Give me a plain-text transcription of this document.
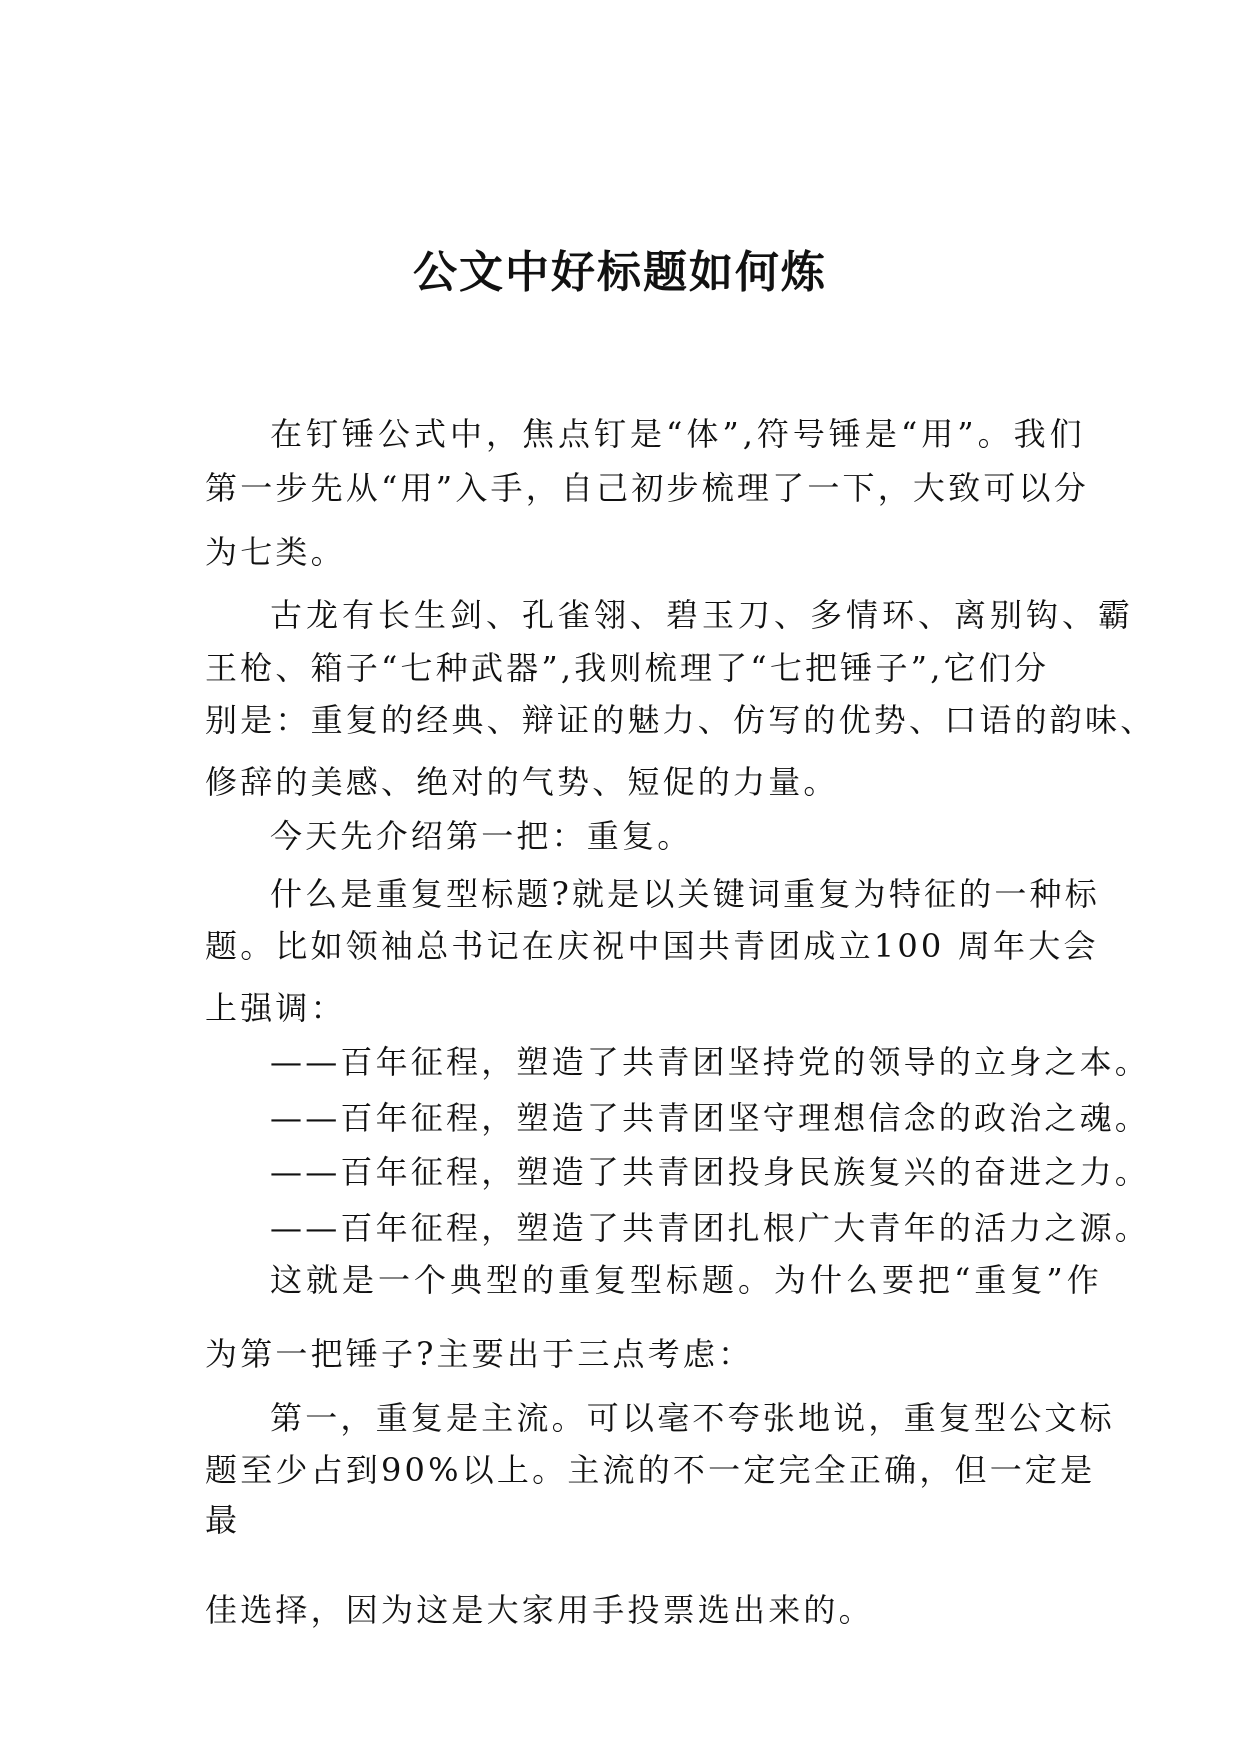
公文中好标题如何炼

在钉锤公式中，焦点钉是“体”,符号锤是“用”。我们

第一步先从“用”入手，自己初步梳理了一下，大致可以分

为七类。

古龙有长生剑、孔雀翎、碧玉刀、多情环、离别钩、霸

王枪、箱子“七种武器”,我则梳理了“七把锤子”,它们分

别是：重复的经典、辩证的魅力、仿写的优势、口语的韵味、

修辞的美感、绝对的气势、短促的力量。

今天先介绍第一把：重复。

什么是重复型标题?就是以关键词重复为特征的一种标

题。比如领袖总书记在庆祝中国共青团成立100 周年大会

上强调：

——百年征程，塑造了共青团坚持党的领导的立身之本。

——百年征程，塑造了共青团坚守理想信念的政治之魂。

——百年征程，塑造了共青团投身民族复兴的奋进之力。

——百年征程，塑造了共青团扎根广大青年的活力之源。

这就是一个典型的重复型标题。为什么要把“重复”作

为第一把锤子?主要出于三点考虑：

第一，重复是主流。可以毫不夸张地说，重复型公文标

题至少占到90%以上。主流的不一定完全正确，但一定是

最

佳选择，因为这是大家用手投票选出来的。
